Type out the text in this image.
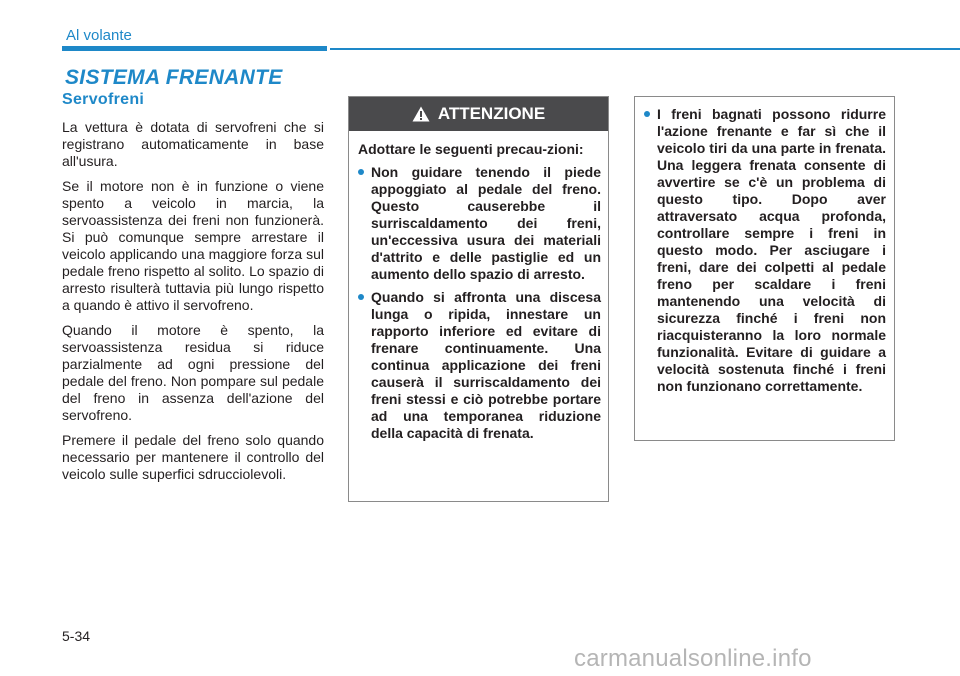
Al volante
SISTEMA FRENANTE
Servofreni

La vettura è dotata di servofreni che si registrano automaticamente in base all'usura.

Se il motore non è in funzione o viene spento a veicolo in marcia, la servoassistenza dei freni non funzionerà. Si può comunque sempre arrestare il veicolo applicando una maggiore forza sul pedale freno rispetto al solito. Lo spazio di arresto risulterà tuttavia più lungo rispetto a quando è attivo il servofreno.

Quando il motore è spento, la servoassistenza residua si riduce parzialmente ad ogni pressione del pedale del freno. Non pompare sul pedale del freno in assenza dell'azione del servofreno.

Premere il pedale del freno solo quando necessario per mantenere il controllo del veicolo sulle superfici sdrucciolevoli.

ATTENZIONE

Adottare le seguenti precau-zioni:

Non guidare tenendo il piede appoggiato al pedale del freno. Questo causerebbe il surriscaldamento dei freni, un'eccessiva usura dei materiali d'attrito e delle pastiglie ed un aumento dello spazio di arresto.
Quando si affronta una discesa lunga o ripida, innestare un rapporto inferiore ed evitare di frenare continuamente. Una continua applicazione dei freni causerà il surriscaldamento dei freni stessi e ciò potrebbe portare ad una temporanea riduzione della capacità di frenata.
I freni bagnati possono ridurre l'azione frenante e far sì che il veicolo tiri da una parte in frenata. Una leggera frenata consente di avvertire se c'è un problema di questo tipo. Dopo aver attraversato acqua profonda, controllare sempre i freni in questo modo. Per asciugare i freni, dare dei colpetti al pedale freno per scaldare i freni mantenendo una velocità di sicurezza finché i freni non riacquisteranno la loro normale funzionalità. Evitare di guidare a velocità sostenuta finché i freni non funzionano correttamente.
5-34
carmanualsonline.info
